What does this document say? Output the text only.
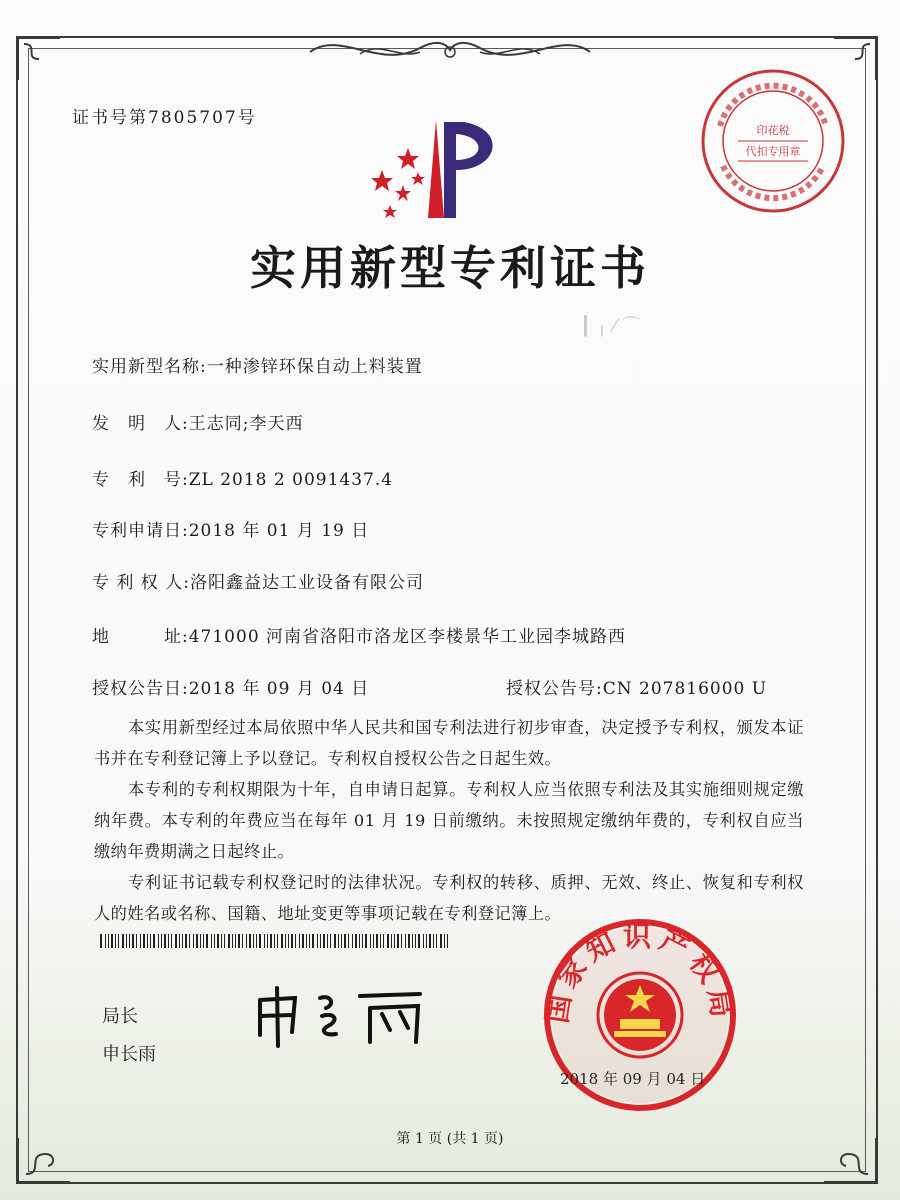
证书号第7805707号
印花税
代扣专用章
┃ ╷ ⁄ ⌒
实用新型专利证书
实用新型名称:一种渗锌环保自动上料装置
发　明　人:王志同;李天西
专　利　号:ZL 2018 2 0091437.4
专利申请日:2018 年 01 月 19 日
专 利 权 人:洛阳鑫益达工业设备有限公司
地　　　址:471000 河南省洛阳市洛龙区李楼景华工业园李城路西
授权公告日:2018 年 09 月 04 日	授权公告号:CN 207816000 U

本实用新型经过本局依照中华人民共和国专利法进行初步审查，决定授予专利权，颁发本证书并在专利登记簿上予以登记。专利权自授权公告之日起生效。

本专利的专利权期限为十年，自申请日起算。专利权人应当依照专利法及其实施细则规定缴纳年费。本专利的年费应当在每年 01 月 19 日前缴纳。未按照规定缴纳年费的，专利权自应当缴纳年费期满之日起终止。

专利证书记载专利权登记时的法律状况。专利权的转移、质押、无效、终止、恢复和专利权人的姓名或名称、国籍、地址变更等事项记载在专利登记簿上。

局长
申长雨
国家知识产权局
2018 年 09 月 04 日
第 1 页 (共 1 页)
